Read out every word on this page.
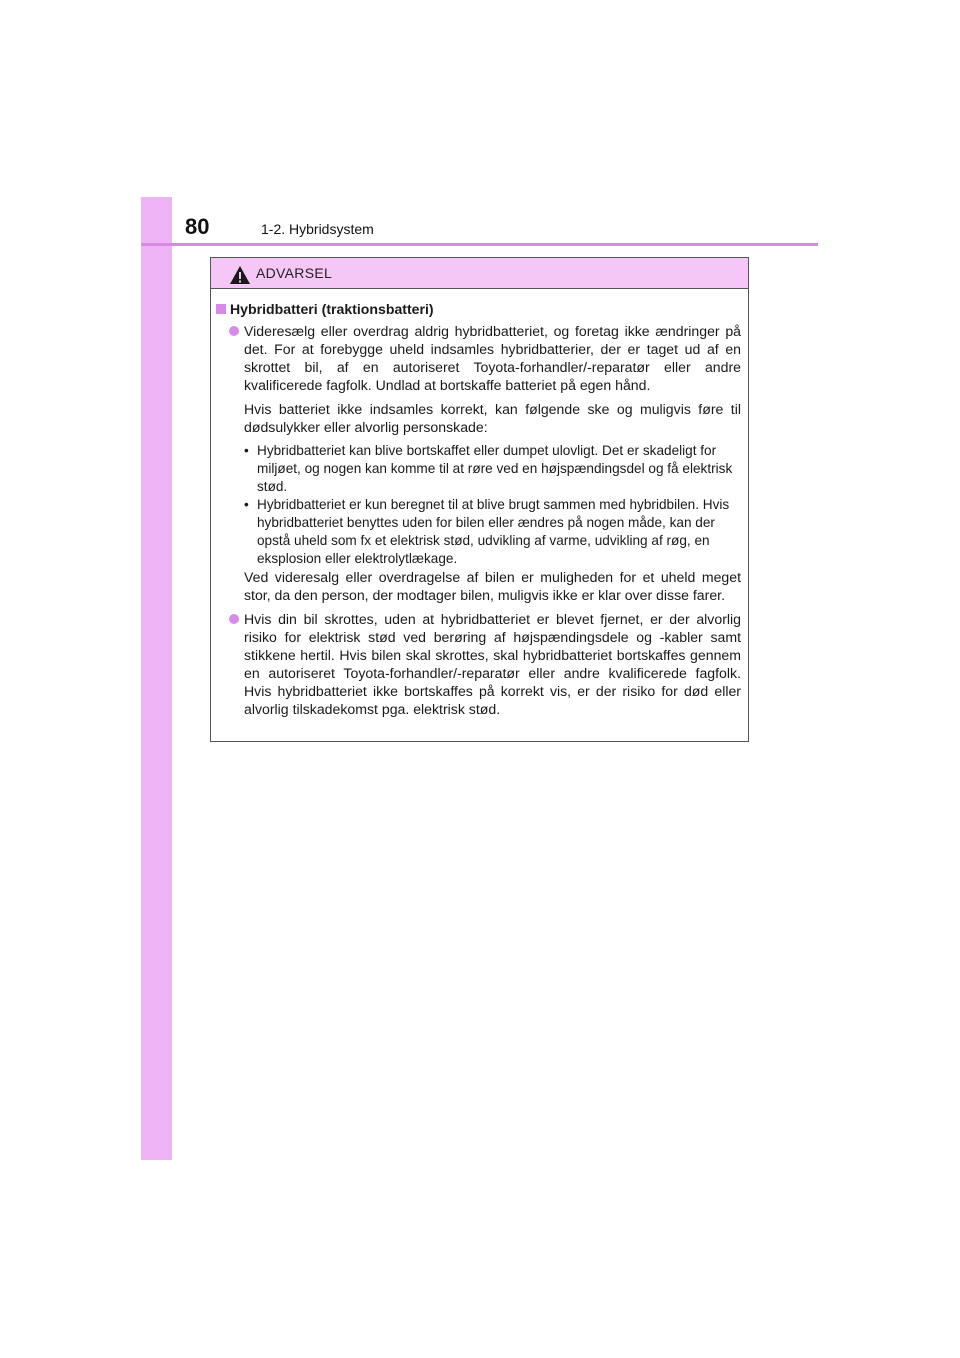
80	1-2. Hybridsystem
ADVARSEL
Hybridbatteri (traktionsbatteri)
Videresælg eller overdrag aldrig hybridbatteriet, og foretag ikke ændringer på det. For at forebygge uheld indsamles hybridbatterier, der er taget ud af en skrottet bil, af en autoriseret Toyota-forhandler/-reparatør eller andre kvalificerede fagfolk. Undlad at bortskaffe batteriet på egen hånd.
Hvis batteriet ikke indsamles korrekt, kan følgende ske og muligvis føre til dødsulykker eller alvorlig personskade:
• Hybridbatteriet kan blive bortskaffet eller dumpet ulovligt. Det er skadeligt for miljøet, og nogen kan komme til at røre ved en højspændingsdel og få elektrisk stød.
• Hybridbatteriet er kun beregnet til at blive brugt sammen med hybridbilen. Hvis hybridbatteriet benyttes uden for bilen eller ændres på nogen måde, kan der opstå uheld som fx et elektrisk stød, udvikling af varme, udvikling af røg, en eksplosion eller elektrolytlækage.
Ved videresalg eller overdragelse af bilen er muligheden for et uheld meget stor, da den person, der modtager bilen, muligvis ikke er klar over disse farer.
Hvis din bil skrottes, uden at hybridbatteriet er blevet fjernet, er der alvorlig risiko for elektrisk stød ved berøring af højspændingsdele og -kabler samt stikkene hertil. Hvis bilen skal skrottes, skal hybridbatteriet bortskaffes gennem en autoriseret Toyota-forhandler/-reparatør eller andre kvalificerede fagfolk. Hvis hybridbatteriet ikke bortskaffes på korrekt vis, er der risiko for død eller alvorlig tilskadekomst pga. elektrisk stød.
